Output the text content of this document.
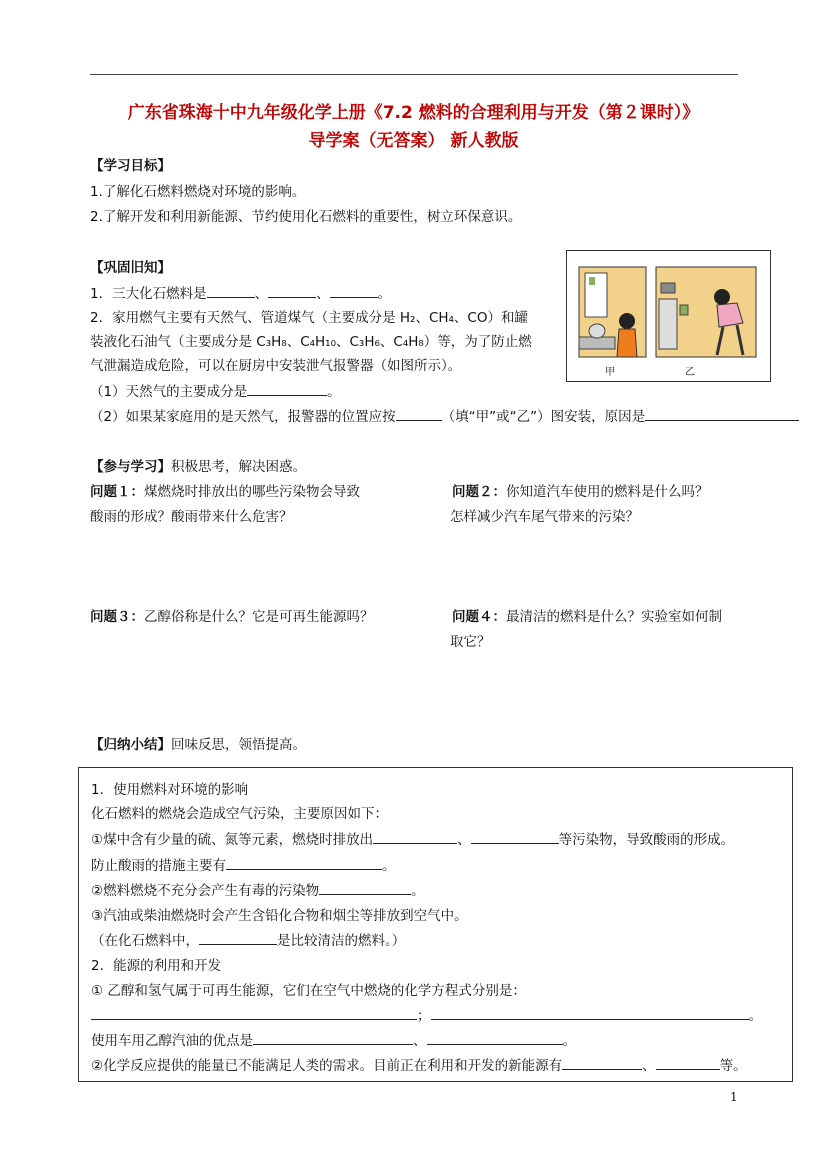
广东省珠海十中九年级化学上册《7.2 燃料的合理利用与开发（第２课时）》
导学案（无答案） 新人教版
【学习目标】
1.了解化石燃料燃烧对环境的影响。
2.了解开发和利用新能源、节约使用化石燃料的重要性，树立环保意识。
【巩固旧知】
1．三大化石燃料是	、	、	。
2．家用燃气主要有天然气、管道煤气（主要成分是 H₂、CH₄、CO）和罐
装液化石油气（主要成分是 C₃H₈、C₄H₁₀、C₃H₆、C₄H₈）等，为了防止燃
气泄漏造成危险，可以在厨房中安装泄气报警器（如图所示）。
（1）天然气的主要成分是	。
（2）如果某家庭用的是天然气，报警器的位置应按	（填“甲”或“乙”）图安装，原因是
甲	乙
【参与学习】积极思考，解决困惑。
问题１：煤燃烧时排放出的哪些污染物会导致
酸雨的形成？酸雨带来什么危害？
问题２：你知道汽车使用的燃料是什么吗？
怎样减少汽车尾气带来的污染？
问题３：乙醇俗称是什么？它是可再生能源吗？	问题４：最清洁的燃料是什么？实验室如何制
取它？
【归纳小结】回味反思，领悟提高。
1．使用燃料对环境的影响
化石燃料的燃烧会造成空气污染，主要原因如下：
①煤中含有少量的硫、氮等元素，燃烧时排放出	、	等污染物，导致酸雨的形成。
防止酸雨的措施主要有	。
②燃料燃烧不充分会产生有毒的污染物	。
③汽油或柴油燃烧时会产生含铅化合物和烟尘等排放到空气中。
（在化石燃料中，	是比较清洁的燃料。）
2．能源的利用和开发
① 乙醇和氢气属于可再生能源，它们在空气中燃烧的化学方程式分别是：
；	。
使用车用乙醇汽油的优点是	、	。
②化学反应提供的能量已不能满足人类的需求。目前正在利用和开发的新能源有	、	等。
1
